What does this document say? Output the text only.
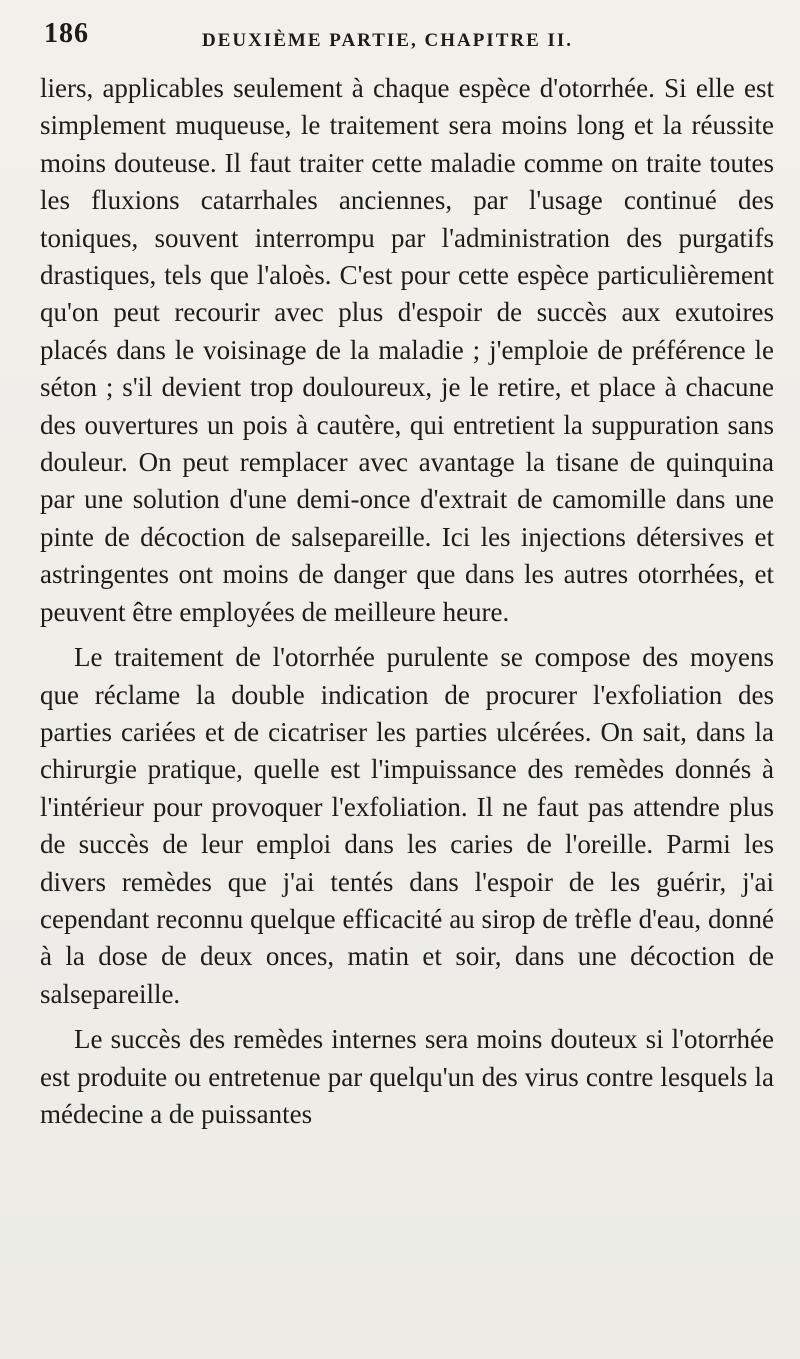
186	DEUXIÈME PARTIE, CHAPITRE II.

liers, applicables seulement à chaque espèce d'otorrhée. Si elle est simplement muqueuse, le traitement sera moins long et la réussite moins douteuse. Il faut traiter cette maladie comme on traite toutes les fluxions catarrhales anciennes, par l'usage continué des toniques, souvent interrompu par l'administration des purgatifs drastiques, tels que l'aloès. C'est pour cette espèce particulièrement qu'on peut recourir avec plus d'espoir de succès aux exutoires placés dans le voisinage de la maladie ; j'emploie de préférence le séton ; s'il devient trop douloureux, je le retire, et place à chacune des ouvertures un pois à cautère, qui entretient la suppuration sans douleur. On peut remplacer avec avantage la tisane de quinquina par une solution d'une demi-once d'extrait de camomille dans une pinte de décoction de salsepareille. Ici les injections détersives et astringentes ont moins de danger que dans les autres otorrhées, et peuvent être employées de meilleure heure.

Le traitement de l'otorrhée purulente se compose des moyens que réclame la double indication de procurer l'exfoliation des parties cariées et de cicatriser les parties ulcérées. On sait, dans la chirurgie pratique, quelle est l'impuissance des remèdes donnés à l'intérieur pour provoquer l'exfoliation. Il ne faut pas attendre plus de succès de leur emploi dans les caries de l'oreille. Parmi les divers remèdes que j'ai tentés dans l'espoir de les guérir, j'ai cependant reconnu quelque efficacité au sirop de trèfle d'eau, donné à la dose de deux onces, matin et soir, dans une décoction de salsepareille.

Le succès des remèdes internes sera moins douteux si l'otorrhée est produite ou entretenue par quelqu'un des virus contre lesquels la médecine a de puissantes
